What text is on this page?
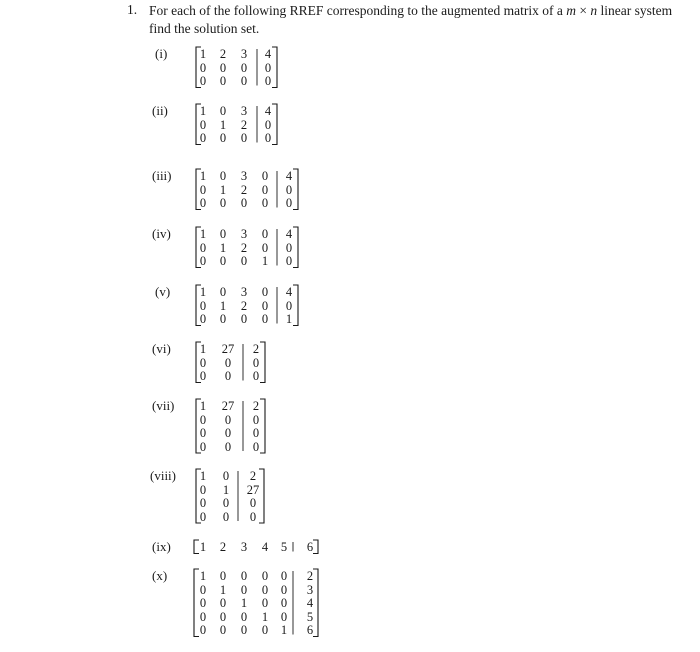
1. For each of the following RREF corresponding to the augmented matrix of a m × n linear system find the solution set.
(i)	1 2 3 4
0 0 0 0
0 0 0 0
(ii)	1 0 3 4
0 1 2 0
0 0 0 0
(iii) 1 0 3 0 4
0 1 2 0 0
0 0 0 0 0
(iv) 1 0 3 0 4
0 1 2 0 0
0 0 0 1 0
(v) 1 0 3 0 4
0 1 2 0 0
0 0 0 0 1
(vi) 1 27 2
0 0 0
0 0 0
(vii) 1 27 2
0 0 0
0 0 0
0 0 0
(viii) 1 0 2
0 1 27
0 0 0
0 0 0
(ix) 1 2 3 4 5 6
(x)	1 0 0 0 0 2
0 1 0 0 0 3
0 0 1 0 0 4
0 0 0 1 0 5
0 0 0 0 1 6
